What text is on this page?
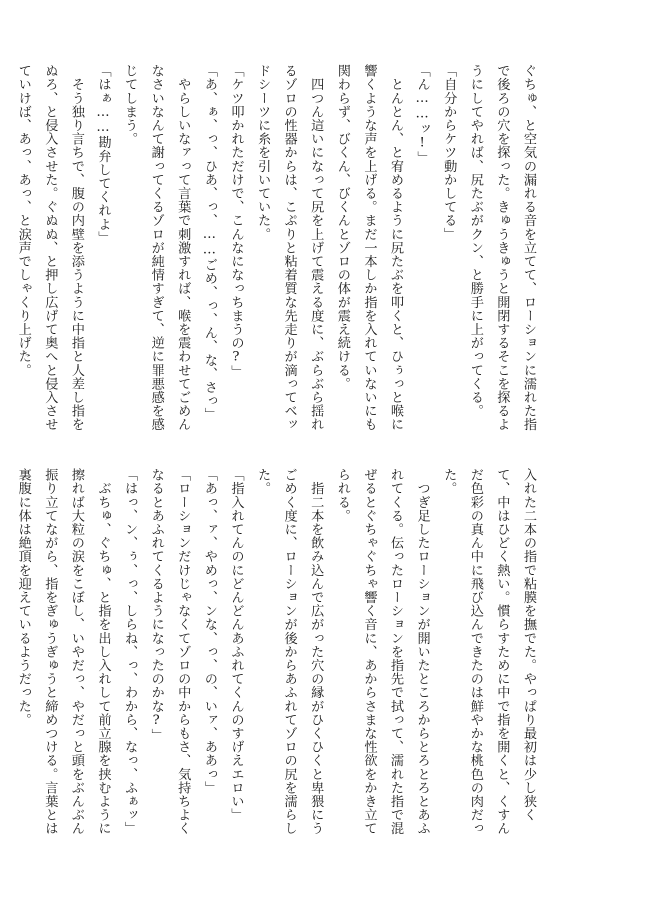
ぐちゅ、と空気の漏れる音を立てて、ローションに濡れた指
で後ろの穴を探った。きゅうきゅうと開閉するそこを探るよ
うにしてやれば、尻たぶがクン、と勝手に上がってくる。
「自分からケツ動かしてる」
「ん……ッ!」
　とんとん、と宥めるように尻たぶを叩くと、ひぅっと喉に
響くような声を上げる。まだ一本しか指を入れていないにも
関わらず、びくん、びくんとゾロの体が震え続ける。
　四つん這いになって尻を上げて震える度に、ぶらぶら揺れ
るゾロの性器からは、こぷりと粘着質な先走りが滴ってベッ
ドシーツに糸を引いていた。
「ケツ叩かれただけで、こんなになっちまうの?」
「あ、ぁ、っ、ひあ、っ、……ごめ、っ、ん、な、さっ」
　やらしいなァって言葉で刺激すれば、喉を震わせてごめん
なさいなんて謝ってくるゾロが純情すぎて、逆に罪悪感を感
じてしまう。
「はぁ……勘弁してくれよ」
　そう独り言ちで、腹の内壁を添うように中指と人差し指を
ぬろ、と侵入させた。ぐぬぬ、と押し広げて奥へと侵入させ
ていけば、あっ、あっ、と涙声でしゃくり上げた。
入れた二本の指で粘膜を撫でた。やっぱり最初は少し狭く
て、中はひどく熱い。慣らすために中で指を開くと、くすん
だ色彩の真ん中に飛び込んできたのは鮮やかな桃色の肉だっ
た。
　つぎ足したローションが開いたところからとろとろとあふ
れてくる。伝ったローションを指先で拭って、濡れた指で混
ぜるとぐちゃぐちゃ響く音に、あからさまな性欲をかき立て
られる。
　指二本を飲み込んで広がった穴の縁がひくひくと卑猥にう
ごめく度に、ローションが後からあふれてゾロの尻を濡らし
た。
「指入れてんのにどんどんあふれてくんのすげえエロい」
「あっ、ァ、やめっ、ンな、っ、の、いァ、ああっ」
「ローションだけじゃなくてゾロの中からもさ、気持ちよく
なるとあふれてくるようになったのかな?」
「はっ、ン、ぅ、っ、しらね、っ、わから、なっ、ふぁッ」
　ぶちゅ、ぐちゅ、と指を出し入れして前立腺を挟むように
擦れば大粒の涙をこぼし、いやだっ、やだっと頭をぶんぶん
振り立てながら、指をぎゅうぎゅうと締めつける。言葉とは
裏腹に体は絶頂を迎えているようだった。
